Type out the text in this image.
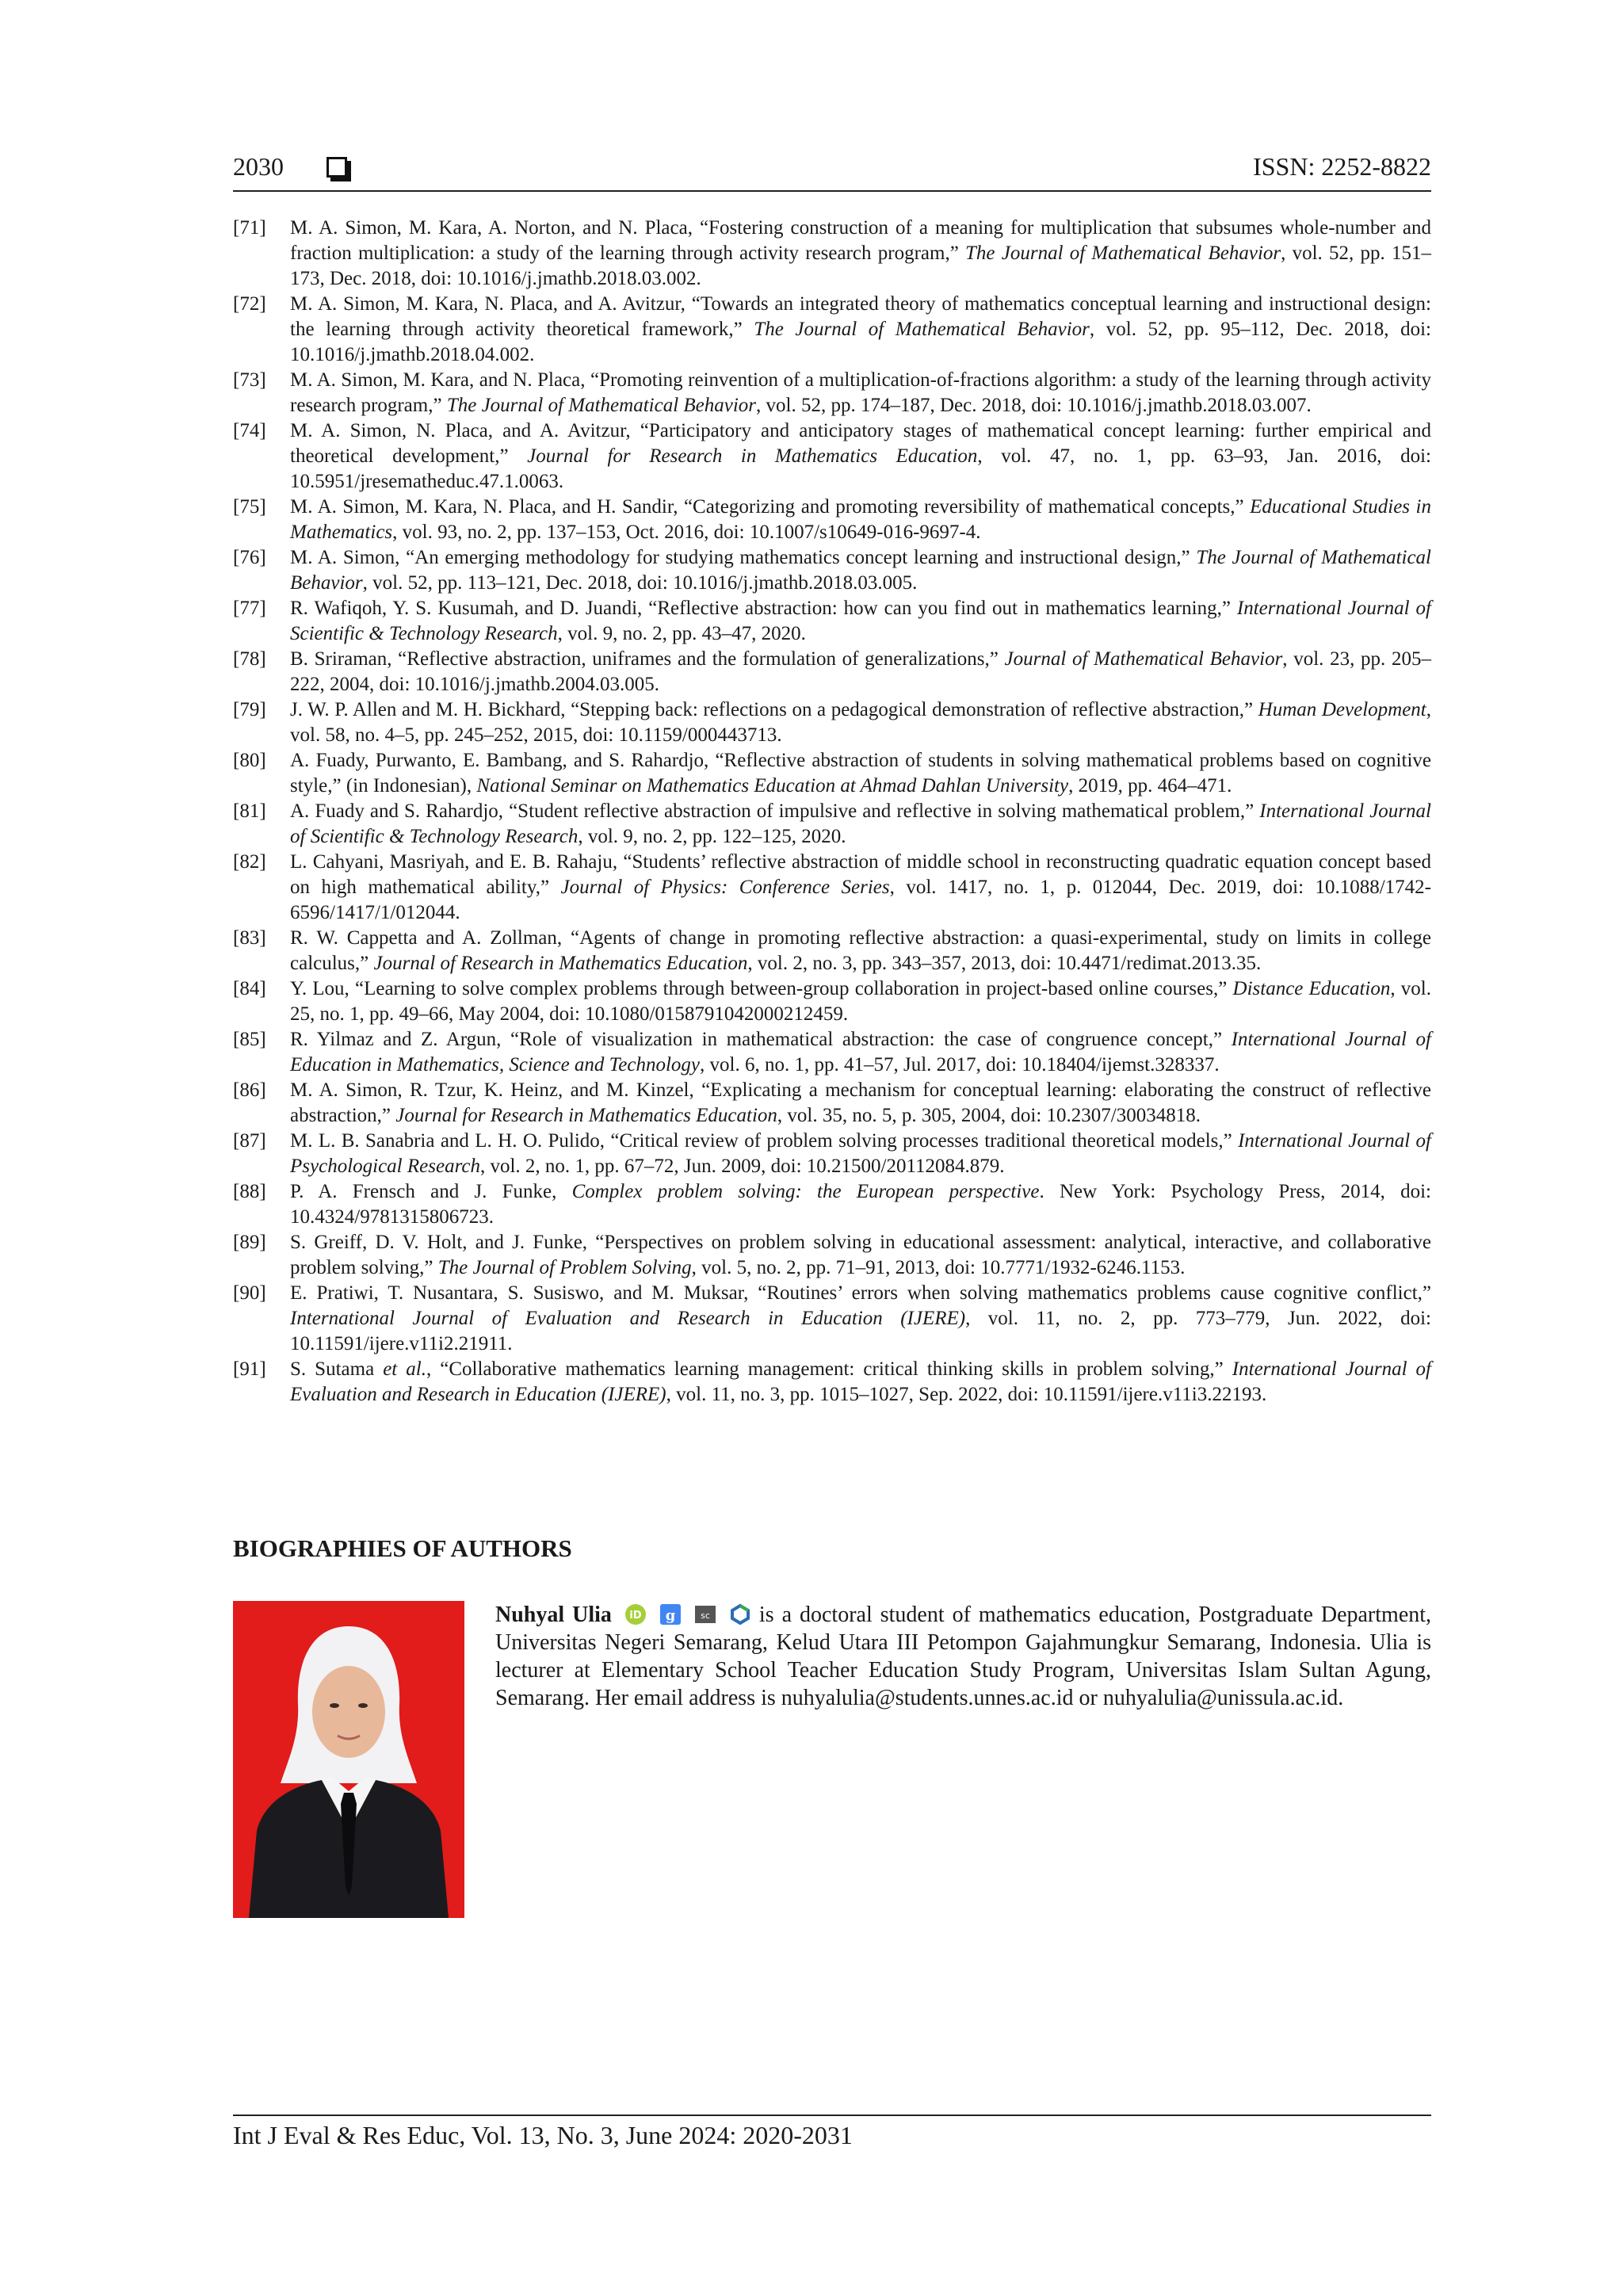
2030	ISSN: 2252-8822
[71] M. A. Simon, M. Kara, A. Norton, and N. Placa, “Fostering construction of a meaning for multiplication that subsumes whole-number and fraction multiplication: a study of the learning through activity research program,” The Journal of Mathematical Behavior, vol. 52, pp. 151–173, Dec. 2018, doi: 10.1016/j.jmathb.2018.03.002.
[72] M. A. Simon, M. Kara, N. Placa, and A. Avitzur, “Towards an integrated theory of mathematics conceptual learning and instructional design: the learning through activity theoretical framework,” The Journal of Mathematical Behavior, vol. 52, pp. 95–112, Dec. 2018, doi: 10.1016/j.jmathb.2018.04.002.
[73] M. A. Simon, M. Kara, and N. Placa, “Promoting reinvention of a multiplication-of-fractions algorithm: a study of the learning through activity research program,” The Journal of Mathematical Behavior, vol. 52, pp. 174–187, Dec. 2018, doi: 10.1016/j.jmathb.2018.03.007.
[74] M. A. Simon, N. Placa, and A. Avitzur, “Participatory and anticipatory stages of mathematical concept learning: further empirical and theoretical development,” Journal for Research in Mathematics Education, vol. 47, no. 1, pp. 63–93, Jan. 2016, doi: 10.5951/jresematheduc.47.1.0063.
[75] M. A. Simon, M. Kara, N. Placa, and H. Sandir, “Categorizing and promoting reversibility of mathematical concepts,” Educational Studies in Mathematics, vol. 93, no. 2, pp. 137–153, Oct. 2016, doi: 10.1007/s10649-016-9697-4.
[76] M. A. Simon, “An emerging methodology for studying mathematics concept learning and instructional design,” The Journal of Mathematical Behavior, vol. 52, pp. 113–121, Dec. 2018, doi: 10.1016/j.jmathb.2018.03.005.
[77] R. Wafiqoh, Y. S. Kusumah, and D. Juandi, “Reflective abstraction: how can you find out in mathematics learning,” International Journal of Scientific & Technology Research, vol. 9, no. 2, pp. 43–47, 2020.
[78] B. Sriraman, “Reflective abstraction, uniframes and the formulation of generalizations,” Journal of Mathematical Behavior, vol. 23, pp. 205–222, 2004, doi: 10.1016/j.jmathb.2004.03.005.
[79] J. W. P. Allen and M. H. Bickhard, “Stepping back: reflections on a pedagogical demonstration of reflective abstraction,” Human Development, vol. 58, no. 4–5, pp. 245–252, 2015, doi: 10.1159/000443713.
[80] A. Fuady, Purwanto, E. Bambang, and S. Rahardjo, “Reflective abstraction of students in solving mathematical problems based on cognitive style,” (in Indonesian), National Seminar on Mathematics Education at Ahmad Dahlan University, 2019, pp. 464–471.
[81] A. Fuady and S. Rahardjo, “Student reflective abstraction of impulsive and reflective in solving mathematical problem,” International Journal of Scientific & Technology Research, vol. 9, no. 2, pp. 122–125, 2020.
[82] L. Cahyani, Masriyah, and E. B. Rahaju, “Students’ reflective abstraction of middle school in reconstructing quadratic equation concept based on high mathematical ability,” Journal of Physics: Conference Series, vol. 1417, no. 1, p. 012044, Dec. 2019, doi: 10.1088/1742-6596/1417/1/012044.
[83] R. W. Cappetta and A. Zollman, “Agents of change in promoting reflective abstraction: a quasi-experimental, study on limits in college calculus,” Journal of Research in Mathematics Education, vol. 2, no. 3, pp. 343–357, 2013, doi: 10.4471/redimat.2013.35.
[84] Y. Lou, “Learning to solve complex problems through between-group collaboration in project-based online courses,” Distance Education, vol. 25, no. 1, pp. 49–66, May 2004, doi: 10.1080/0158791042000212459.
[85] R. Yilmaz and Z. Argun, “Role of visualization in mathematical abstraction: the case of congruence concept,” International Journal of Education in Mathematics, Science and Technology, vol. 6, no. 1, pp. 41–57, Jul. 2017, doi: 10.18404/ijemst.328337.
[86] M. A. Simon, R. Tzur, K. Heinz, and M. Kinzel, “Explicating a mechanism for conceptual learning: elaborating the construct of reflective abstraction,” Journal for Research in Mathematics Education, vol. 35, no. 5, p. 305, 2004, doi: 10.2307/30034818.
[87] M. L. B. Sanabria and L. H. O. Pulido, “Critical review of problem solving processes traditional theoretical models,” International Journal of Psychological Research, vol. 2, no. 1, pp. 67–72, Jun. 2009, doi: 10.21500/20112084.879.
[88] P. A. Frensch and J. Funke, Complex problem solving: the European perspective. New York: Psychology Press, 2014, doi: 10.4324/9781315806723.
[89] S. Greiff, D. V. Holt, and J. Funke, “Perspectives on problem solving in educational assessment: analytical, interactive, and collaborative problem solving,” The Journal of Problem Solving, vol. 5, no. 2, pp. 71–91, 2013, doi: 10.7771/1932-6246.1153.
[90] E. Pratiwi, T. Nusantara, S. Susiswo, and M. Muksar, “Routines’ errors when solving mathematics problems cause cognitive conflict,” International Journal of Evaluation and Research in Education (IJERE), vol. 11, no. 2, pp. 773–779, Jun. 2022, doi: 10.11591/ijere.v11i2.21911.
[91] S. Sutama et al., “Collaborative mathematics learning management: critical thinking skills in problem solving,” International Journal of Evaluation and Research in Education (IJERE), vol. 11, no. 3, pp. 1015–1027, Sep. 2022, doi: 10.11591/ijere.v11i3.22193.
BIOGRAPHIES OF AUTHORS
Nuhyal Ulia iD
g
	sc is a doctoral student of mathematics education, Postgraduate Department, Universitas Negeri Semarang, Kelud Utara III Petompon Gajahmungkur Semarang, Indonesia. Ulia is lecturer at Elementary School Teacher Education Study Program, Universitas Islam Sultan Agung, Semarang. Her email address is nuhyalulia@students.unnes.ac.id or nuhyalulia@unissula.ac.id.
Int J Eval & Res Educ, Vol. 13, No. 3, June 2024: 2020-2031
